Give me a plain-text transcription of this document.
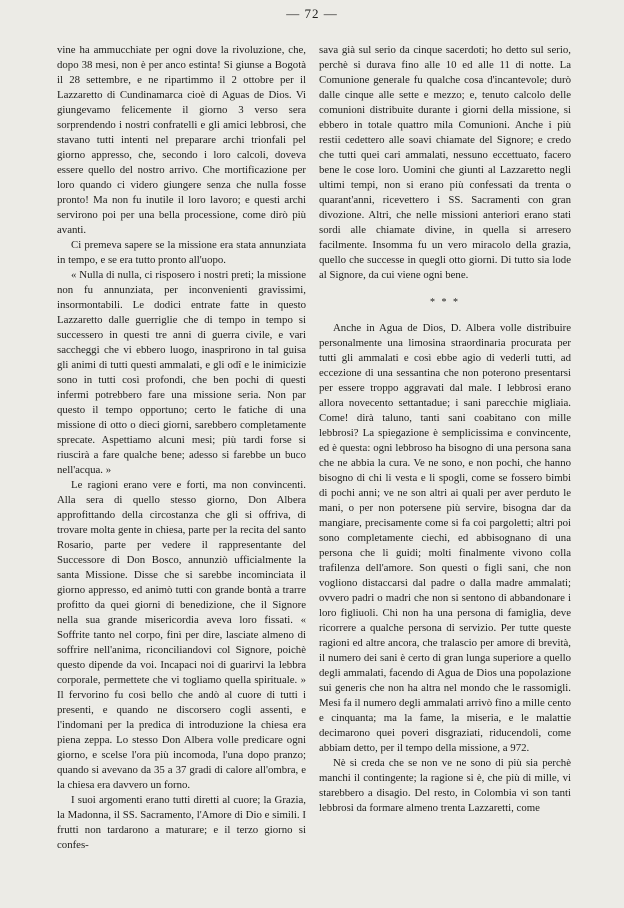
— 72 —

vine ha ammucchiate per ogni dove la rivoluzione, che, dopo 38 mesi, non è per anco estinta! Si giunse a Bogotà il 28 settembre, e ne ripartimmo il 2 ottobre per il Lazzaretto di Cundinamarca cioè di Aguas de Dios. Vi giungevamo felicemente il giorno 3 verso sera sorprendendo i nostri confratelli e gli amici lebbrosi, che stavano tutti intenti nel preparare archi trionfali pel giorno appresso, che, secondo i loro calcoli, doveva essere quello del nostro arrivo. Che mortificazione per loro quando ci videro giungere senza che nulla fosse pronto! Ma non fu inutile il loro lavoro; e questi archi servirono poi per una bella processione, come dirò più avanti.

Ci premeva sapere se la missione era stata annunziata in tempo, e se era tutto pronto all'uopo.

« Nulla di nulla, ci risposero i nostri preti; la missione non fu annunziata, per inconvenienti gravissimi, insormontabili. Le dodici entrate fatte in questo Lazzaretto dalle guerriglie che di tempo in tempo si successero in questi tre anni di guerra civile, e vari saccheggi che vi ebbero luogo, inasprirono in tal guisa gli animi di tutti questi ammalati, e gli odî e le inimicizie sono in tutti così profondi, che ben pochi di questi infermi potrebbero fare una missione seria. Non par questo il tempo opportuno; certo le fatiche di una missione di otto o dieci giorni, sarebbero completamente sprecate. Aspettiamo alcuni mesi; più tardi forse si riuscirà a fare qualche bene; adesso si farebbe un buco nell'acqua. »

Le ragioni erano vere e forti, ma non convincenti. Alla sera di quello stesso giorno, Don Albera approfittando della circostanza che gli si offriva, di trovare molta gente in chiesa, parte per la recita del santo Rosario, parte per vedere il rappresentante del Successore di Don Bosco, annunziò ufficialmente la santa Missione. Disse che si sarebbe incominciata il giorno appresso, ed animò tutti con grande bontà a trarre profitto da quei giorni di benedizione, che il Signore nella sua grande misericordia aveva loro fissati. « Soffrite tanto nel corpo, finì per dire, lasciate almeno di soffrire nell'anima, riconciliandovi col Signore, poichè questo dipende da voi. Incapaci noi di guarirvi la lebbra corporale, permettete che vi togliamo quella spirituale. » Il fervorino fu così bello che andò al cuore di tutti i presenti, e quando ne discorsero cogli assenti, e l'indomani per la predica di introduzione la chiesa era piena zeppa. Lo stesso Don Albera volle predicare ogni giorno, e scelse l'ora più incomoda, l'una dopo pranzo; quando si avevano da 35 a 37 gradi di calore all'ombra, e la chiesa era davvero un forno.

I suoi argomenti erano tutti diretti al cuore; la Grazia, la Madonna, il SS. Sacramento, l'Amore di Dio e simili. I frutti non tardarono a maturare; e il terzo giorno si confes-

sava già sul serio da cinque sacerdoti; ho detto sul serio, perchè si durava fino alle 10 ed alle 11 di notte. La Comunione generale fu qualche cosa d'incantevole; durò dalle cinque alle sette e mezzo; e, tenuto calcolo delle comunioni distribuite durante i giorni della missione, si ebbero in totale quattro mila Comunioni. Anche i più restii cedettero alle soavi chiamate del Signore; e credo che tutti quei cari ammalati, nessuno eccettuato, facero bene le cose loro. Uomini che giunti al Lazzaretto negli ultimi tempi, non si erano più confessati da trenta o quarant'anni, ricevettero i SS. Sacramenti con gran divozione. Altri, che nelle missioni anteriori erano stati sordi alle chiamate divine, in quella si arresero facilmente. Insomma fu un vero miracolo della grazia, quello che successe in quegli otto giorni. Di tutto sia lode al Signore, da cui viene ogni bene.

* * *

Anche in Agua de Dios, D. Albera volle distribuire personalmente una limosina straordinaria procurata per tutti gli ammalati e così ebbe agio di vederli tutti, ad eccezione di una sessantina che non poterono presentarsi per essere troppo aggravati dal male. I lebbrosi erano allora novecento settantadue; i sani parecchie migliaia. Come! dirà taluno, tanti sani coabitano con mille lebbrosi? La spiegazione è semplicissima e convincente, ed è questa: ogni lebbroso ha bisogno di una persona sana che ne abbia la cura. Ve ne sono, e non pochi, che hanno bisogno di chi li vesta e li spogli, come se fossero bimbi di pochi anni; ve ne son altri ai quali per aver perduto le mani, o per non potersene più servire, bisogna dar da mangiare, precisamente come si fa coi pargoletti; altri poi sono completamente ciechi, ed abbisognano di una persona che li guidi; molti finalmente vivono colla trafilenza dell'amore. Son questi o figli sani, che non vogliono distaccarsi dal padre o dalla madre ammalati; ovvero padri o madri che non si sentono di abbandonare i loro figliuoli. Chi non ha una persona di famiglia, deve ricorrere a qualche persona di servizio. Per tutte queste ragioni ed altre ancora, che tralascio per amore di brevità, il numero dei sani è certo di gran lunga superiore a quello degli ammalati, facendo di Agua de Dios una popolazione sui generis che non ha altra nel mondo che le rassomigli. Mesi fa il numero degli ammalati arrivò fino a mille cento e cinquanta; ma la fame, la miseria, e le malattie decimarono quei poveri disgraziati, riducendoli, come abbiam detto, per il tempo della missione, a 972.

Nè si creda che se non ve ne sono di più sia perchè manchi il contingente; la ragione si è, che più di mille, vi starebbero a disagio. Del resto, in Colombia vi son tanti lebbrosi da formare almeno trenta Lazzaretti, come
